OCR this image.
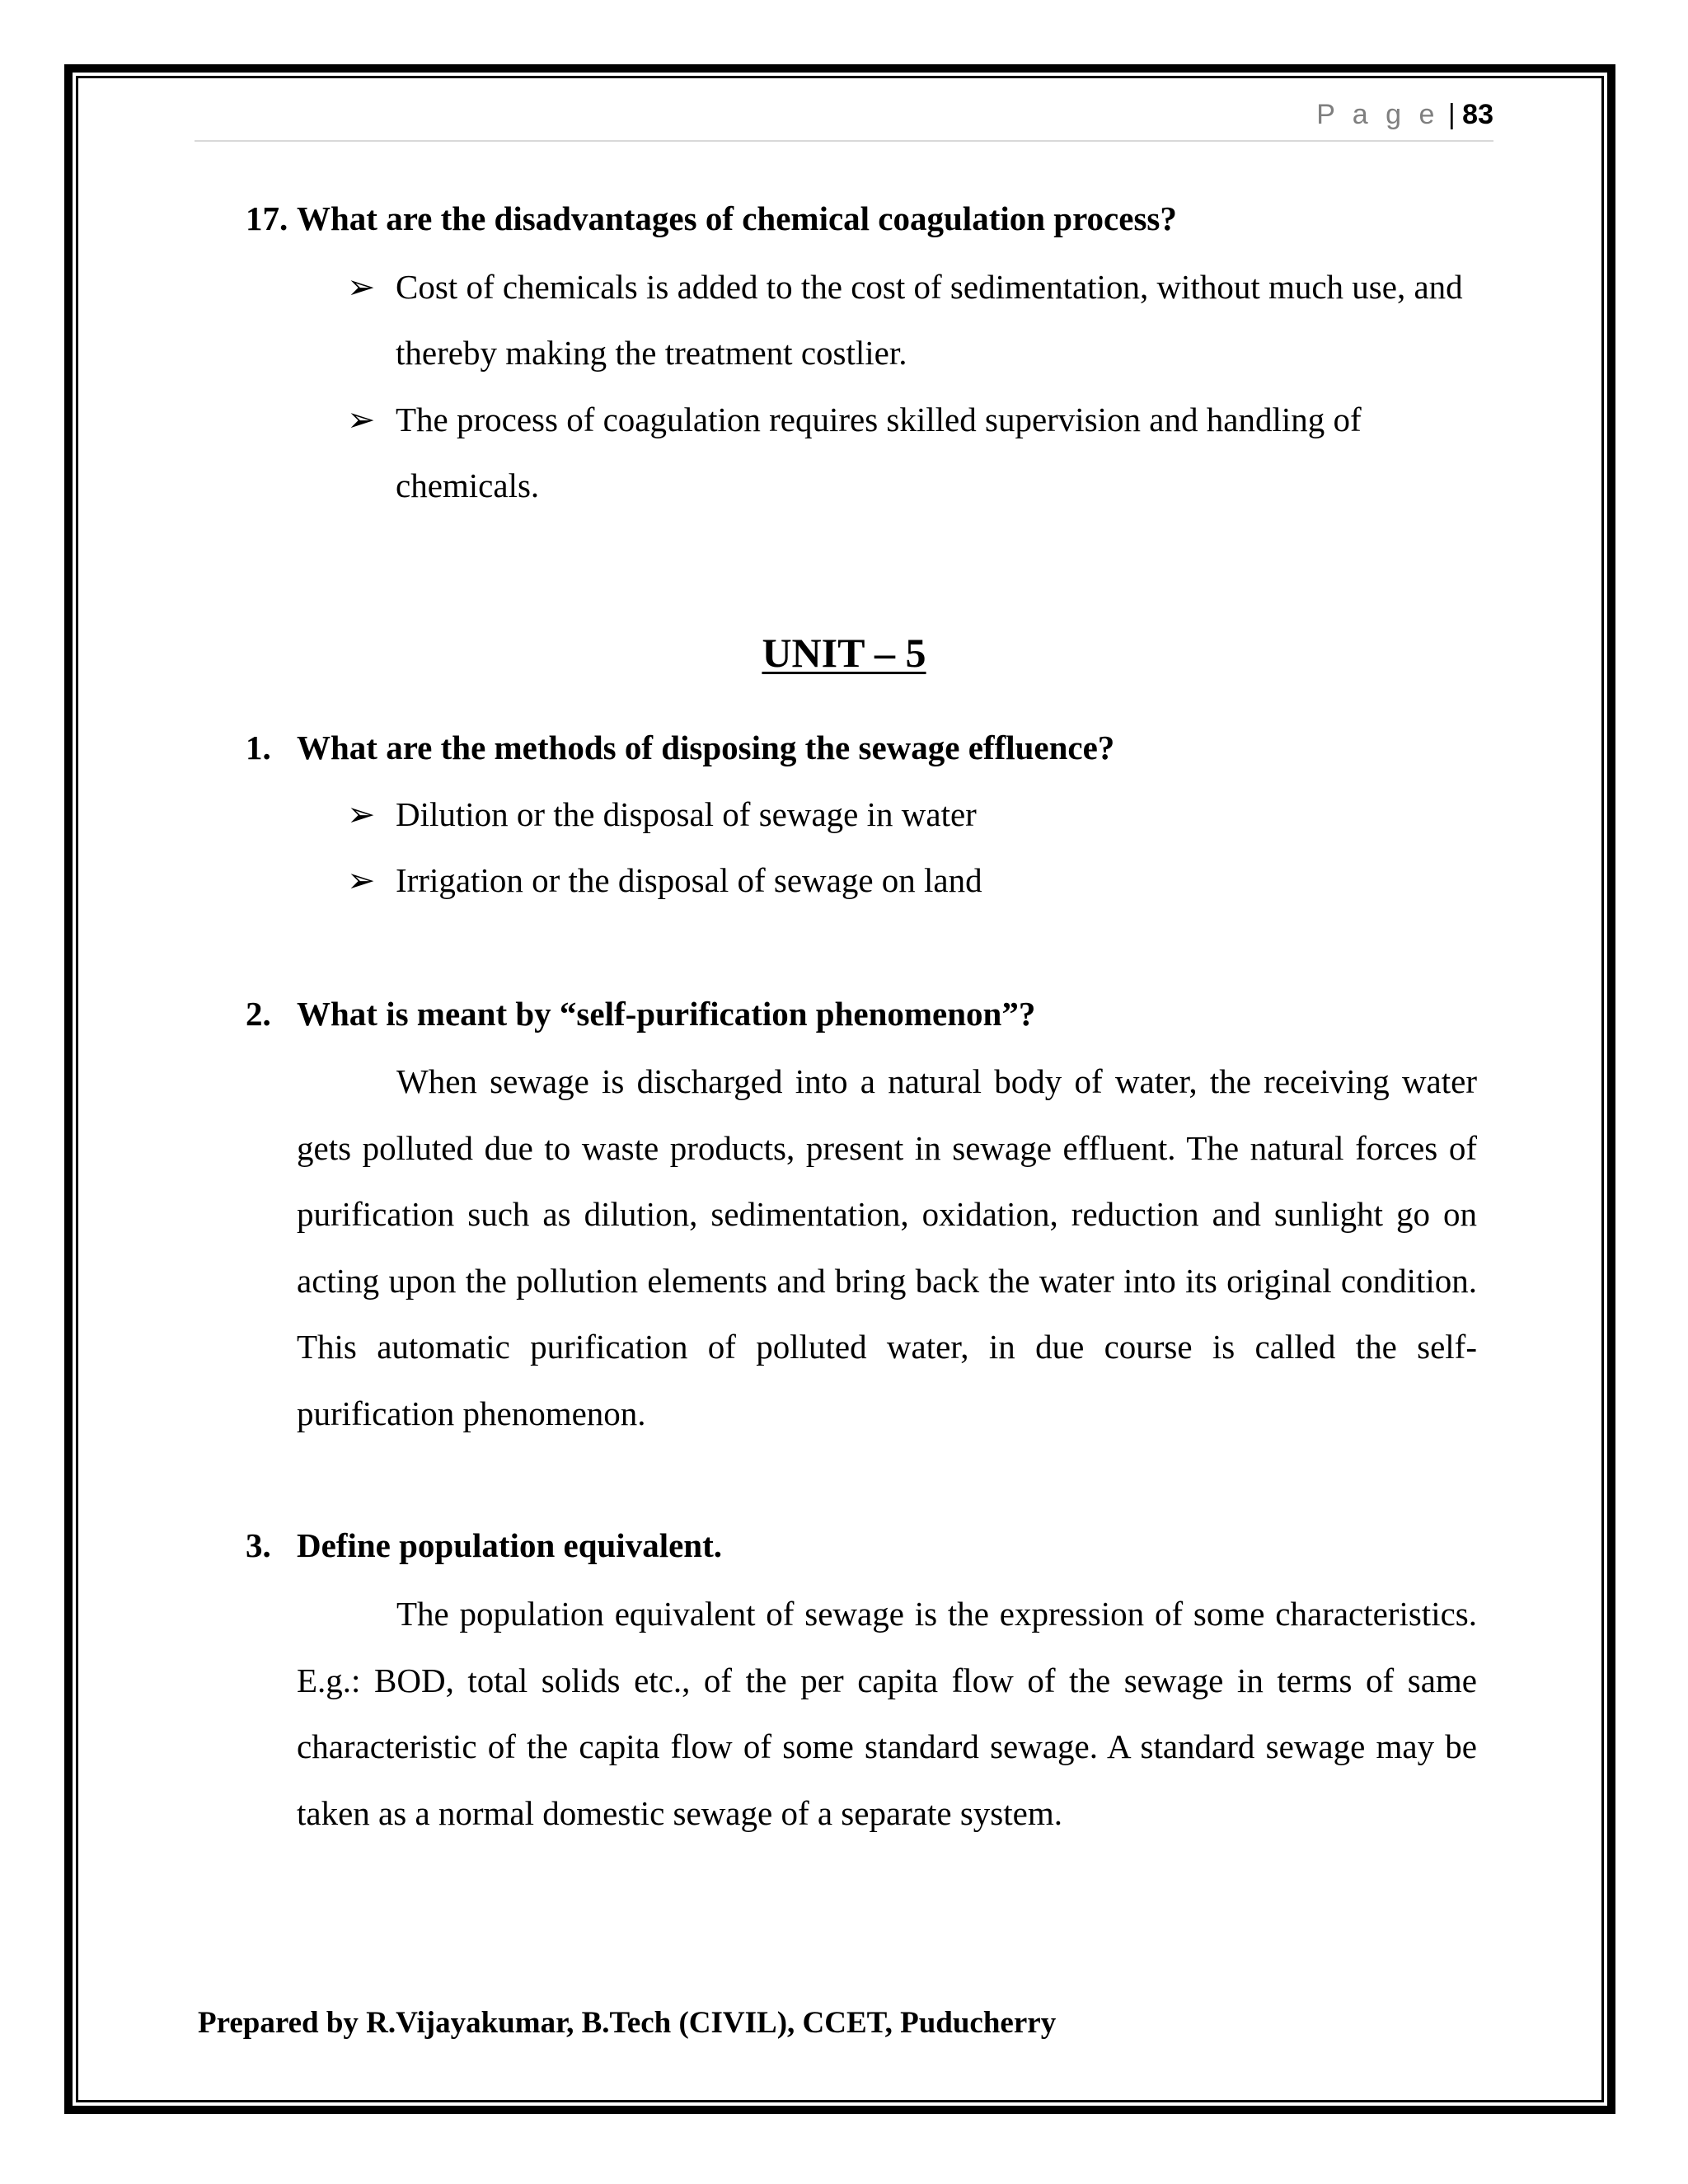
P a g e | 83
17. What are the disadvantages of chemical coagulation process?
➢ Cost of chemicals is added to the cost of sedimentation, without much use, and thereby making the treatment costlier.
➢ The process of coagulation requires skilled supervision and handling of chemicals.
UNIT – 5
1. What are the methods of disposing the sewage effluence?
➢ Dilution or the disposal of sewage in water
➢ Irrigation or the disposal of sewage on land
2. What is meant by “self-purification phenomenon”?
When sewage is discharged into a natural body of water, the receiving water gets polluted due to waste products, present in sewage effluent. The natural forces of purification such as dilution, sedimentation, oxidation, reduction and sunlight go on acting upon the pollution elements and bring back the water into its original condition. This automatic purification of polluted water, in due course is called the self-purification phenomenon.
3. Define population equivalent.
The population equivalent of sewage is the expression of some characteristics. E.g.: BOD, total solids etc., of the per capita flow of the sewage in terms of same characteristic of the capita flow of some standard sewage. A standard sewage may be taken as a normal domestic sewage of a separate system.
Prepared by R.Vijayakumar, B.Tech (CIVIL), CCET, Puducherry
